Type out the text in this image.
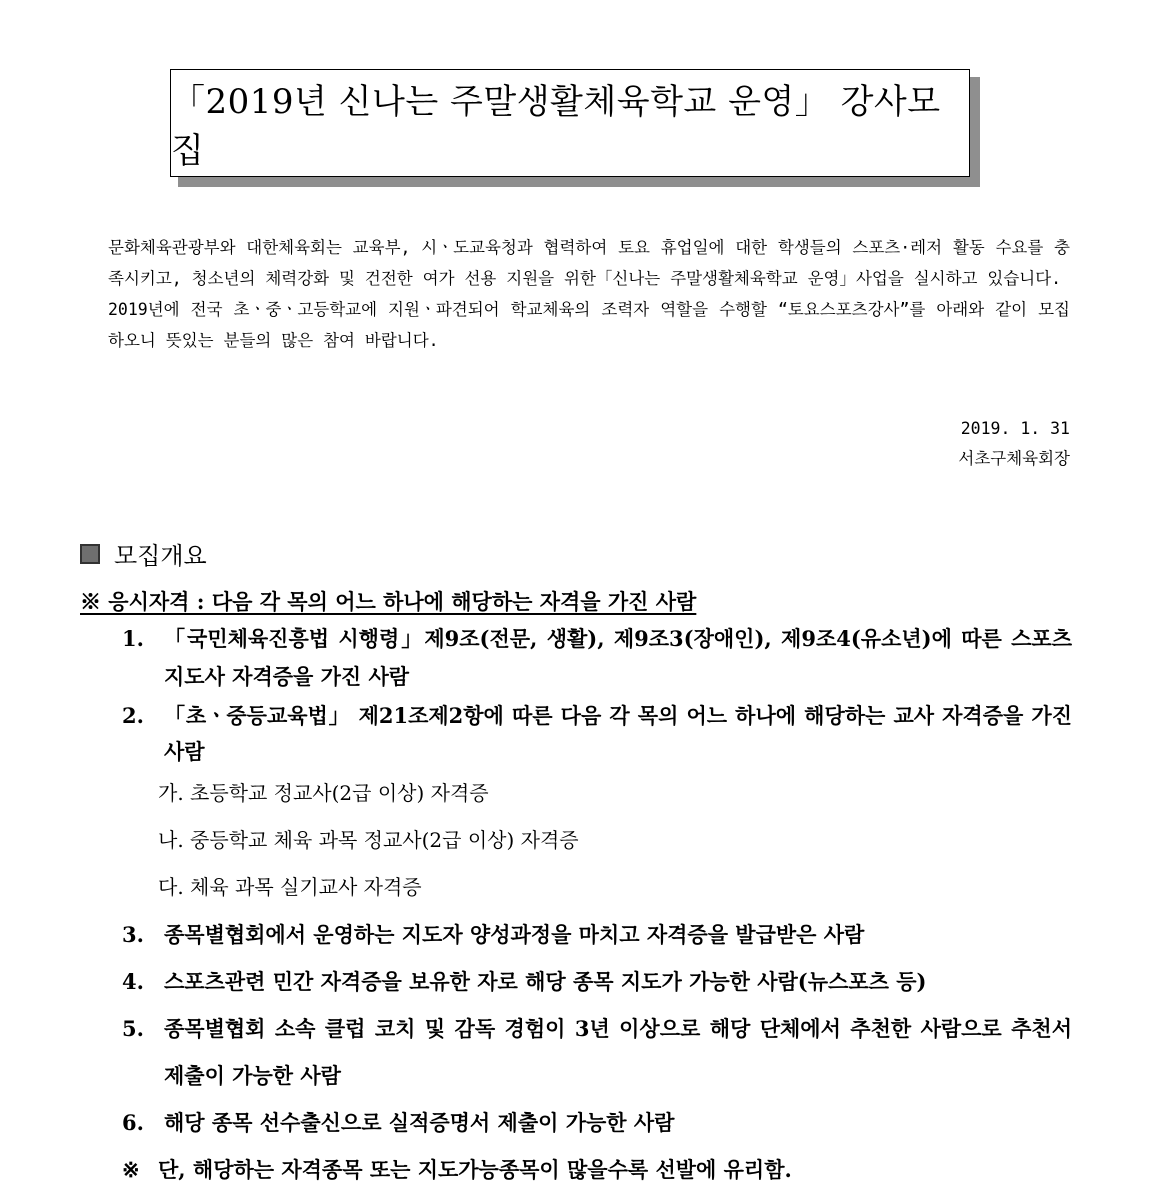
「2019년 신나는 주말생활체육학교 운영」 강사모집

문화체육관광부와 대한체육회는 교육부, 시ㆍ도교육청과 협력하여 토요 휴업일에 대한 학생들의 스포츠·레저 활동 수요를 충족시키고, 청소년의 체력강화 및 건전한 여가 선용 지원을 위한「신나는 주말생활체육학교 운영」사업을 실시하고 있습니다.

2019년에 전국 초ㆍ중ㆍ고등학교에 지원ㆍ파견되어 학교체육의 조력자 역할을 수행할 “토요스포츠강사”를 아래와 같이 모집하오니 뜻있는 분들의 많은 참여 바랍니다.

2019. 1. 31
서초구체육회장
모집개요
※ 응시자격 : 다음 각 목의 어느 하나에 해당하는 자격을 가진 사람
1. 「국민체육진흥법 시행령」제9조(전문, 생활), 제9조3(장애인), 제9조4(유소년)에 따른 스포츠지도사 자격증을 가진 사람
2. 「초ㆍ중등교육법」 제21조제2항에 따른 다음 각 목의 어느 하나에 해당하는 교사 자격증을 가진 사람
가. 초등학교 정교사(2급 이상) 자격증
나. 중등학교 체육 과목 정교사(2급 이상) 자격증
다. 체육 과목 실기교사 자격증
3. 종목별협회에서 운영하는 지도자 양성과정을 마치고 자격증을 발급받은 사람
4. 스포츠관련 민간 자격증을 보유한 자로 해당 종목 지도가 가능한 사람(뉴스포츠 등)
5. 종목별협회 소속 클럽 코치 및 감독 경험이 3년 이상으로 해당 단체에서 추천한 사람으로 추천서 제출이 가능한 사람
6. 해당 종목 선수출신으로 실적증명서 제출이 가능한 사람
※ 단, 해당하는 자격종목 또는 지도가능종목이 많을수록 선발에 유리함.
